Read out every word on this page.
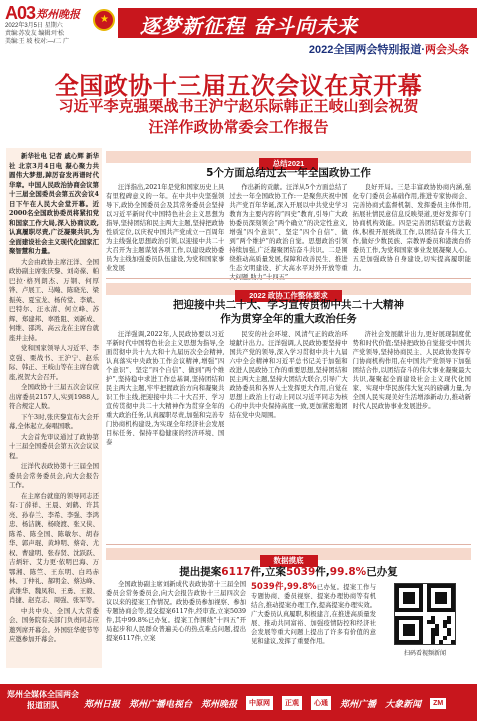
A03 郑州晚报
2022年3月5日 星期六
责编:苏发友 编辑:叶松
美编:王 坡 校对:—/二 广
★ 逐梦新征程 奋斗向未来
2022全国两会特别报道·两会头条
全国政协十三届五次会议在京开幕
习近平李克强栗战书王沪宁赵乐际韩正王岐山到会祝贺
汪洋作政协常委会工作报告

新华社电 记者 戚心辉 新华社 北京3月4日电 凝心聚力共圆伟大梦想,踔厉奋发再谱时代华章。中国人民政治协商会议第十三届全国委员会第五次会议4日下午在人民大会堂开幕。近2000名全国政协委员将紧扣党和国家工作大局,深入协商议政,认真履职尽责,广泛凝聚共识,为全面建设社会主义现代化国家汇聚智慧和力量。

大会由政协主席汪洋、全国政协副主席张庆黎、刘奇葆、帕巴拉·格列朗杰、万钢、何厚铧、卢展工、马飚、陈晓光、梁振英、夏宝龙、杨传堂、李斌、巴特尔、汪永清、何立峰、苏辉、郑建邦、辜胜阻、刘新成、何维、邵鸿、高云龙在主席台就座并主持。

党和国家领导人习近平、李克强、栗战书、王沪宁、赵乐际、韩正、王岐山等在主席台就座,祝贺大会召开。

全国政协十三届五次会议应出席委员2157人,实到1988人,符合规定人数。

下午3时,张庆黎宣布大会开幕,全体起立,奏唱国歌。

大会首先审议通过了政协第十三届全国委员会第五次会议议程。

汪洋代表政协第十三届全国委员会常务委员会,向大会报告工作。

在主席台就座的领导同志还有:丁薛祥、王晨、刘鹤、许其亮、孙春兰、李希、李强、李鸿忠、杨洁篪、杨晓渡、张又侠、陈希、陈全国、陈敏尔、胡春华、郭声琨、黄坤明、蔡奇、尤权、曹建明、张春贤、沈跃跃、吉炳轩、艾力更·依明巴海、万鄂湘、陈竺、王东明、白玛赤林、丁仲礼、郝明金、蔡达峰、武维华、魏凤和、王勇、王毅、肖捷、赵克志、周强、张军等。

中共中央、全国人大常委会、国务院有关部门负责同志应邀列席开幕会。外国驻华使节等应邀参加开幕会。

总结2021
5个方面总结过去一年全国政协工作

汪洋指出,2021年是党和国家历史上具有里程碑意义的一年。在中共中央坚强领导下,政协全国委员会及其常务委员会坚持以习近平新时代中国特色社会主义思想为指导,坚持团结和民主两大主题,坚持把政协性质定位,以庆祝中国共产党成立一百周年为主线强化思想政治引领,以迎接中共二十大召开为主题谋划各项工作,以建设政协委员为主线加强委员队伍建设,为党和国家事业发展

作出新的贡献。汪洋从5个方面总结了过去一年全国政协工作:一是聚焦庆祝中国共产党百年华诞,深入开展以中共党史学习教育为主要内容的“四史”教育,引导广大政协委员深刻领会“两个确立”的决定性意义,增强“四个意识”、坚定“四个自信”、做到“两个维护”的政治自觉。思想政治引领持续加强,广泛凝聚团结奋斗共识。二是围绕推动高质量发展,保障和改善民生、推进生态文明建设、扩大高水平对外开放等重

良好开局。三是丰富政协协商内涵,强化专门委员会基础作用,推进专家协商会、完善协商式监督机制、发挥委员主体作用,拓展社情民意信息反映渠道,更好发挥专门协商机构效能。四是完善团结联谊方法载体,积极开展统战工作,以团结奋斗伟大工作,做好少数民族、宗教界委员和港澳台侨委员工作,为党和国家事业发展凝聚人心。五是加强政协自身建设,切实提高履职能力。

2022 政协工作整体要求
把迎接中共二十大、学习宣传贯彻中共二十大精神
作为贯穿全年的重大政治任务

汪洋强调,2022年,人民政协要以习近平新时代中国特色社会主义思想为指导,全面贯彻中共十九大和十九届历次全会精神,认真落实中央政协工作会议精神,增强“四个意识”、坚定“四个自信”、做到“两个维护”,坚持稳中求进工作总基调,坚持团结和民主两大主题,牢牢把握政治方向和凝聚共识工作主线,把迎接中共二十大召开、学习宣传贯彻中共二十大精神作为贯穿全年的重大政治任务,认真履职尽责,加强和完善专门协商机构建设,为实现全年经济社会发展目标任务、保持平稳健康的经济环境、国泰

民安的社会环境、风清气正的政治环境献计出力。汪洋强调,人民政协要坚持中国共产党的领导,深入学习贯彻中共十九届六中全会精神和习近平总书记关于加强和改进人民政协工作的重要思想,坚持团结和民主两大主题,坚持大团结大联合,引导广大政协委员和各界人士发挥更大作用,自觉在思想上政治上行动上同以习近平同志为核心的中共中央保持高度一致,更加紧密地团结在党中央周围。

济社会发展献计出力,更好展现制度优势和时代价值;坚持把政协自觉接受中国共产党领导,坚持协商民主、人民政协发挥专门协商机构作用,在中国共产党领导下加强团结合作,以团结奋斗的伟大事业凝聚最大共识,凝聚起全面建设社会主义现代化国家、实现中华民族伟大复兴的磅礴力量,为全国人民实现美好生活增添新动力,推动新时代人民政协事业发展进步。

数据摸底
提出提案6117件,立案5039件,99.8%已办复

全国政协副主席刘新成代表政协第十三届全国委员会常务委员会,向大会报告政协十三届四次会议以来的提案工作情况。政协委员参加视察、参加专题协商会等,提交提案6117件,经审查,立案5039件,其中99.8%已办复。提案工作围绕“十四五”开局起步和人民群众普遍关心的热点难点问题,提出提案6117件,立案

5039件,99.8%已办复。提案工作与专题协商、委员视察、提案办理协商等有机结合,推动提案办理工作,提高提案办理实效。广大委员认真履职,积极建言,在推进高质量发展、推动共同富裕、加强疫情防控和经济社会发展等重大问题上提出了许多有价值的意见和建议,发挥了重要作用。
扫码看视频新闻
郑州全媒体全国两会报道团队	郑州日报 郑州广播电视台 郑州晚报	中原网	正观	心通	郑州广播 大象新闻	ZM
